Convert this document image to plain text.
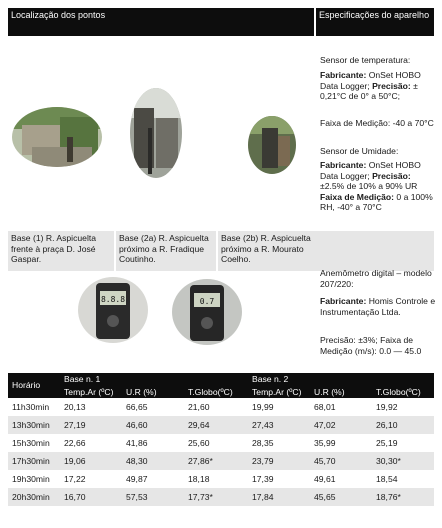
Localização dos pontos	Especificações do aparelho
Sensor de temperatura:
Fabricante: OnSet HOBO Data Logger; Precisão: ± 0,21°C de 0° a 50°C;
Faixa de Medição: -40 a 70°C
Sensor de Umidade:
Fabricante: OnSet HOBO Data Logger; Precisão: ±2.5% de 10% a 90% UR Faixa de Medição: 0 a 100% RH, -40° a 70°C
Base (1) R. Aspicuelta frente à praça D. José Gaspar.
Base (2a) R. Aspicuelta próximo a R. Fradique Coutinho.
Base (2b) R. Aspicuelta próximo a R. Mourato Coelho.
8.8.8	0.7
Anemômetro digital – modelo 207/220:
Fabricante: Homis Controle e Instrumentação Ltda.
Precisão: ±3%; Faixa de Medição (m/s): 0.0 — 45.0
Horário	Base n. 1			Base n. 2		
	Temp.Ar (ºC)	U.R (%)	T.Globo(ºC)	Temp.Ar (ºC)	U.R (%)	T.Globo(ºC)
11h30min	20,13	66,65	21,60	19,99	68,01	19,92
13h30min	27,19	46,60	29,64	27,43	47,02	26,10
15h30min	22,66	41,86	25,60	28,35	35,99	25,19
17h30min	19,06	48,30	27,86*	23,79	45,70	30,30*
19h30min	17,22	49,87	18,18	17,39	49,61	18,54
20h30min	16,70	57,53	17,73*	17,84	45,65	18,76*
